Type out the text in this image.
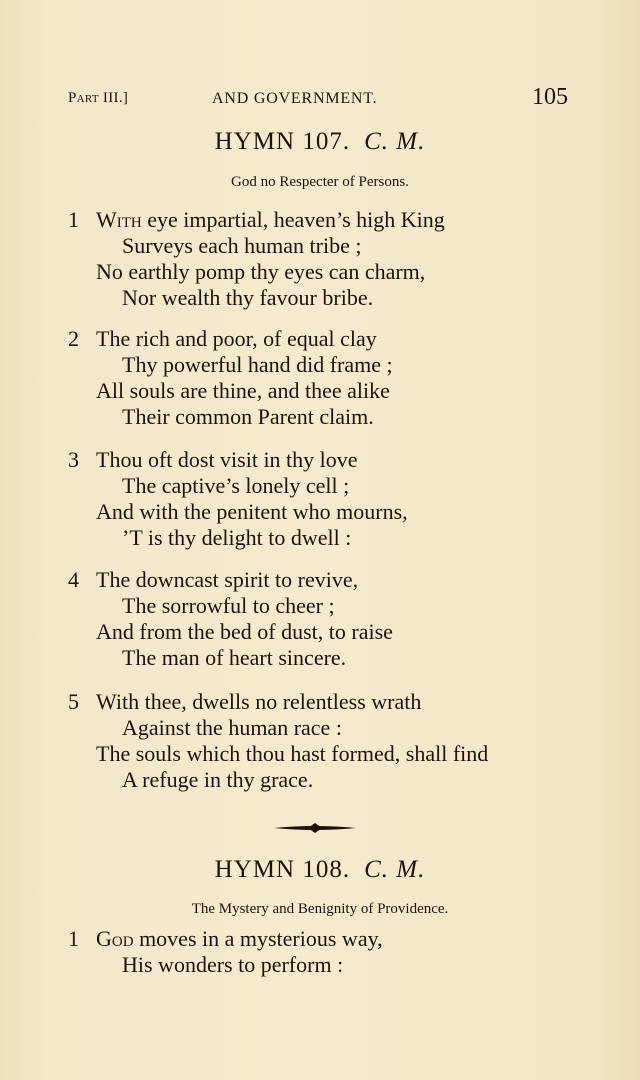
Part III.]	AND GOVERNMENT.	105
HYMN 107. C. M.
God no Respecter of Persons.
1 With eye impartial, heaven’s high King
Surveys each human tribe ;
No earthly pomp thy eyes can charm,
Nor wealth thy favour bribe.
2 The rich and poor, of equal clay
Thy powerful hand did frame ;
All souls are thine, and thee alike
Their common Parent claim.
3 Thou oft dost visit in thy love
The captive’s lonely cell ;
And with the penitent who mourns,
’T is thy delight to dwell :
4 The downcast spirit to revive,
The sorrowful to cheer ;
And from the bed of dust, to raise
The man of heart sincere.
5 With thee, dwells no relentless wrath
Against the human race :
The souls which thou hast formed, shall find
A refuge in thy grace.
HYMN 108. C. M.
The Mystery and Benignity of Providence.
1 God moves in a mysterious way,
His wonders to perform :
